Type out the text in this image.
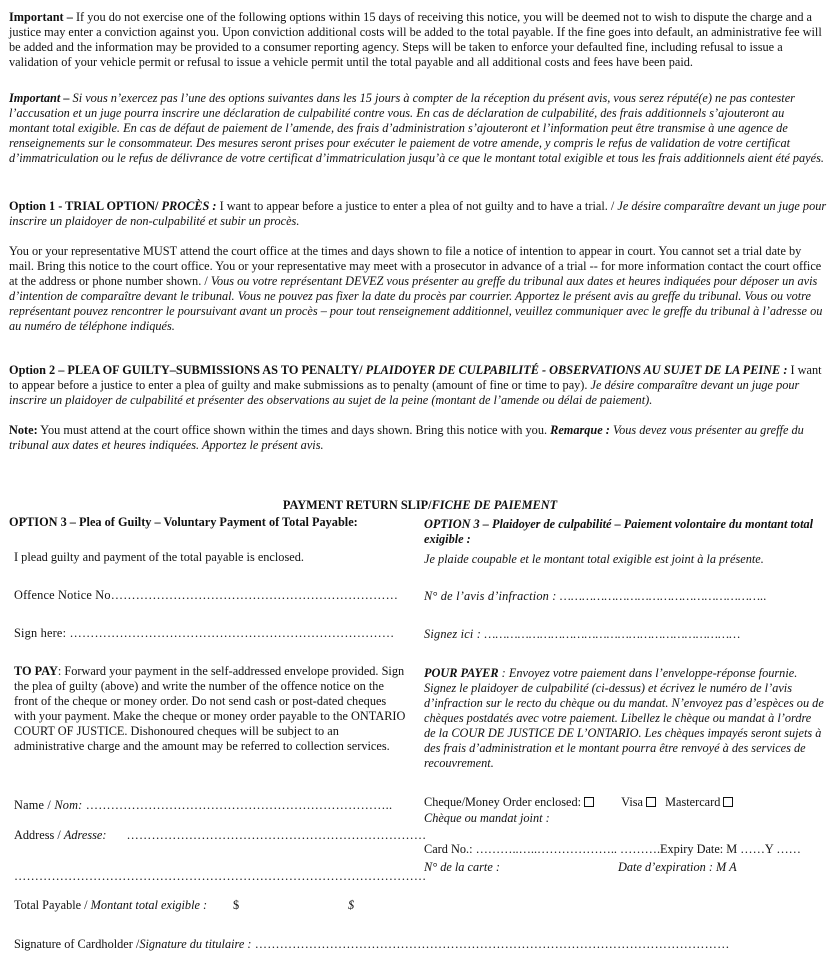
Important – If you do not exercise one of the following options within 15 days of receiving this notice, you will be deemed not to wish to dispute the charge and a justice may enter a conviction against you. Upon conviction additional costs will be added to the total payable. If the fine goes into default, an administrative fee will be added and the information may be provided to a consumer reporting agency. Steps will be taken to enforce your defaulted fine, including refusal to issue a validation of your vehicle permit or refusal to issue a vehicle permit until the total payable and all additional costs and fees have been paid.
Important – Si vous n’exercez pas l’une des options suivantes dans les 15 jours à compter de la réception du présent avis, vous serez réputé(e) ne pas contester l’accusation et un juge pourra inscrire une déclaration de culpabilité contre vous. En cas de déclaration de culpabilité, des frais additionnels s’ajouteront au montant total exigible. En cas de défaut de paiement de l’amende, des frais d’administration s’ajouteront et l’information peut être transmise à une agence de renseignements sur le consommateur. Des mesures seront prises pour exécuter le paiement de votre amende, y compris le refus de validation de votre certificat d’immatriculation ou le refus de délivrance de votre certificat d’immatriculation jusqu’à ce que le montant total exigible et tous les frais additionnels aient été payés.
Option 1 - TRIAL OPTION/ PROCÈS : I want to appear before a justice to enter a plea of not guilty and to have a trial. / Je désire comparaître devant un juge pour inscrire un plaidoyer de non-culpabilité et subir un procès.
You or your representative MUST attend the court office at the times and days shown to file a notice of intention to appear in court. You cannot set a trial date by mail. Bring this notice to the court office. You or your representative may meet with a prosecutor in advance of a trial -- for more information contact the court office at the address or phone number shown. / Vous ou votre représentant DEVEZ vous présenter au greffe du tribunal aux dates et heures indiquées pour déposer un avis d’intention de comparaître devant le tribunal. Vous ne pouvez pas fixer la date du procès par courrier. Apportez le présent avis au greffe du tribunal. Vous ou votre représentant pouvez rencontrer le poursuivant avant un procès – pour tout renseignement additionnel, veuillez communiquer avec le greffe du tribunal à l’adresse ou au numéro de téléphone indiqués.
Option 2 – PLEA OF GUILTY–SUBMISSIONS AS TO PENALTY/ PLAIDOYER DE CULPABILITÉ - OBSERVATIONS AU SUJET DE LA PEINE : I want to appear before a justice to enter a plea of guilty and make submissions as to penalty (amount of fine or time to pay). Je désire comparaître devant un juge pour inscrire un plaidoyer de culpabilité et présenter des observations au sujet de la peine (montant de l’amende ou délai de paiement).
Note: You must attend at the court office shown within the times and days shown. Bring this notice with you. Remarque : Vous devez vous présenter au greffe du tribunal aux dates et heures indiquées. Apportez le présent avis.
PAYMENT RETURN SLIP/FICHE DE PAIEMENT
OPTION 3 – Plea of Guilty – Voluntary Payment of Total Payable:	OPTION 3 – Plaidoyer de culpabilité – Paiement volontaire du montant total exigible :
I plead guilty and payment of the total payable is enclosed.	Je plaide coupable et le montant total exigible est joint à la présente.
Offence Notice No……………………………………………………………	N° de l’avis d’infraction : ………………………………………………..
Sign here: ……………………………………………………………………	Signez ici : ……………………………………………………………
TO PAY: Forward your payment in the self-addressed envelope provided. Sign the plea of guilty (above) and write the number of the offence notice on the front of the cheque or money order. Do not send cash or post-dated cheques with your payment. Make the cheque or money order payable to the ONTARIO COURT OF JUSTICE. Dishonoured cheques will be subject to an administrative charge and the amount may be referred to collection services.
POUR PAYER : Envoyez votre paiement dans l’enveloppe-réponse fournie. Signez le plaidoyer de culpabilité (ci-dessus) et écrivez le numéro de l’avis d’infraction sur le recto du chèque ou du mandat. N’envoyez pas d’espèces ou de chèques postdatés avec votre paiement. Libellez le chèque ou mandat à l’ordre de la COUR DE JUSTICE DE L’ONTARIO. Les chèques impayés seront sujets à des frais d’administration et le montant pourra être renvoyé à des services de recouvrement.
Name / Nom: ………………………………………………………………..	Cheque/Money Order enclosed:	Visa Mastercard
Chèque ou mandat joint :
Address / Adresse: ………………………………………………………………
………………………………………………………………………………………
Card No.: ………..…..……………….. ……….Expiry Date: M ……Y ……
N° de la carte :	Date d’expiration : M A
Total Payable / Montant total exigible :	$	$
Signature of Cardholder /Signature du titulaire : ……………………………………………………………………………………………………
